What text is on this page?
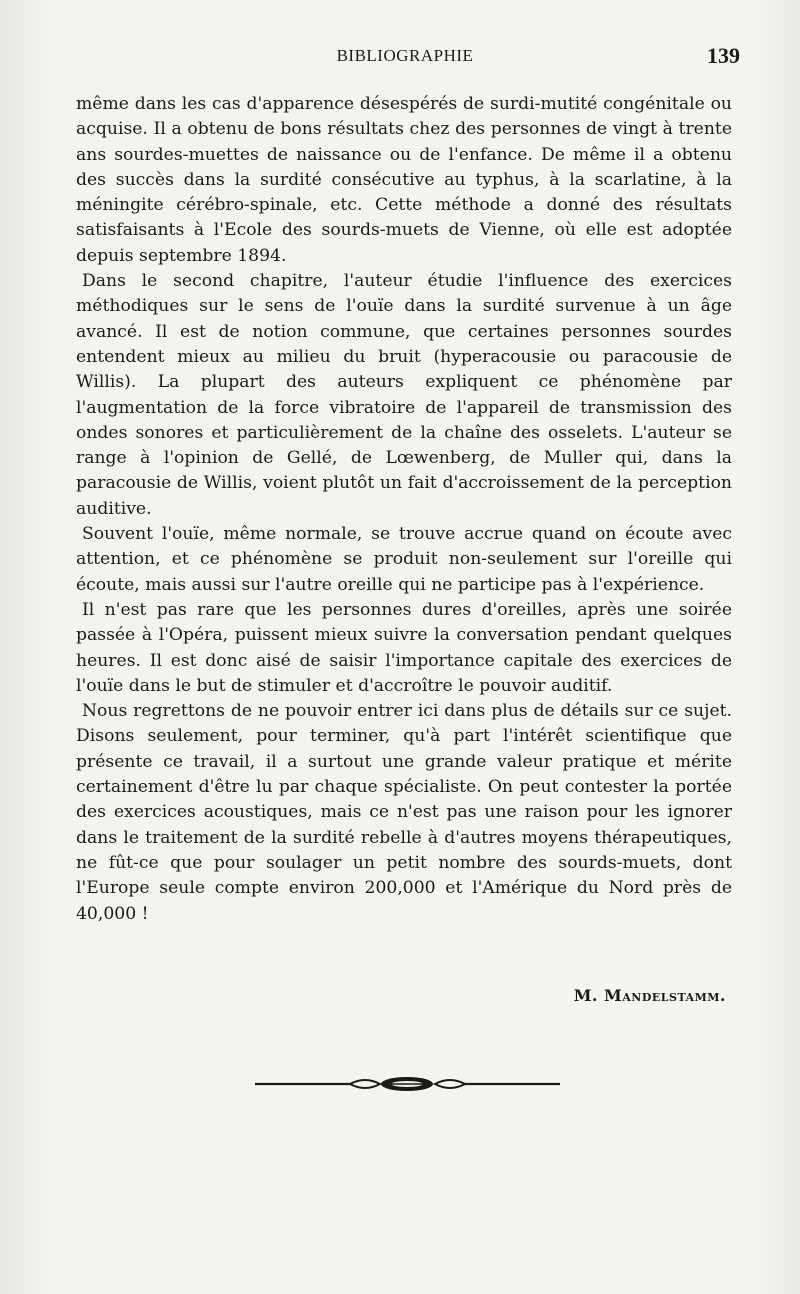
BIBLIOGRAPHIE	139

même dans les cas d'apparence désespérés de surdi-mutité congénitale ou acquise. Il a obtenu de bons résultats chez des personnes de vingt à trente ans sourdes-muettes de naissance ou de l'enfance. De même il a obtenu des succès dans la surdité consécutive au typhus, à la scarlatine, à la méningite cérébro-spinale, etc. Cette méthode a donné des résultats satisfaisants à l'Ecole des sourds-muets de Vienne, où elle est adoptée depuis septembre 1894.

Dans le second chapitre, l'auteur étudie l'influence des exercices méthodiques sur le sens de l'ouïe dans la surdité survenue à un âge avancé. Il est de notion commune, que certaines personnes sourdes entendent mieux au milieu du bruit (hyperacousie ou paracousie de Willis). La plupart des auteurs expliquent ce phénomène par l'augmentation de la force vibratoire de l'appareil de transmission des ondes sonores et particulièrement de la chaîne des osselets. L'auteur se range à l'opinion de Gellé, de Lœwenberg, de Muller qui, dans la paracousie de Willis, voient plutôt un fait d'accroissement de la perception auditive.

Souvent l'ouïe, même normale, se trouve accrue quand on écoute avec attention, et ce phénomène se produit non-seulement sur l'oreille qui écoute, mais aussi sur l'autre oreille qui ne participe pas à l'expérience.

Il n'est pas rare que les personnes dures d'oreilles, après une soirée passée à l'Opéra, puissent mieux suivre la conversation pendant quelques heures. Il est donc aisé de saisir l'importance capitale des exercices de l'ouïe dans le but de stimuler et d'accroître le pouvoir auditif.

Nous regrettons de ne pouvoir entrer ici dans plus de détails sur ce sujet. Disons seulement, pour terminer, qu'à part l'intérêt scientifique que présente ce travail, il a surtout une grande valeur pratique et mérite certainement d'être lu par chaque spécialiste. On peut contester la portée des exercices acoustiques, mais ce n'est pas une raison pour les ignorer dans le traitement de la surdité rebelle à d'autres moyens thérapeutiques, ne fût-ce que pour soulager un petit nombre des sourds-muets, dont l'Europe seule compte environ 200,000 et l'Amérique du Nord près de 40,000 !

M. Mandelstamm.
